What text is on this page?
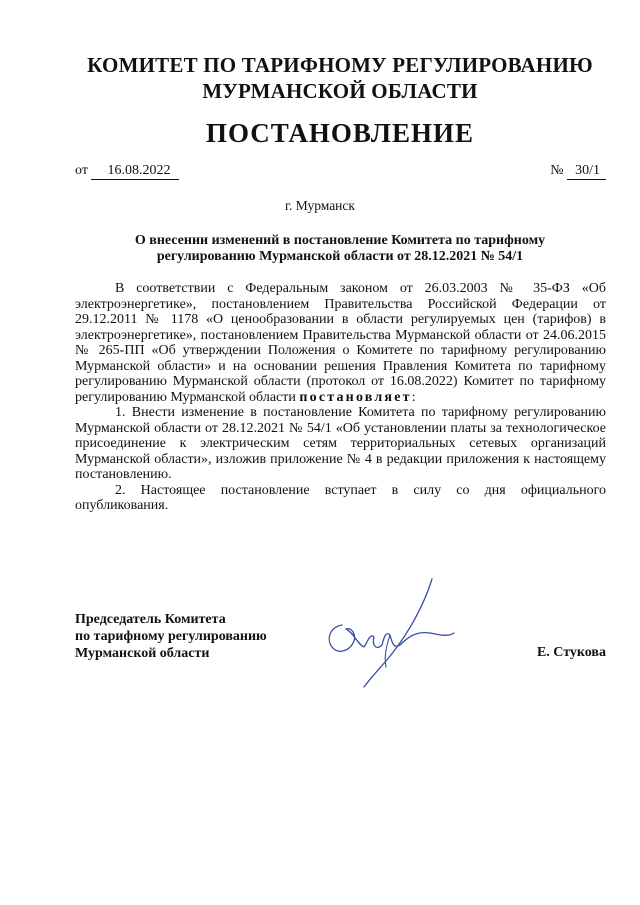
КОМИТЕТ ПО ТАРИФНОМУ РЕГУЛИРОВАНИЮ
МУРМАНСКОЙ ОБЛАСТИ
ПОСТАНОВЛЕНИЕ
от 16.08.2022	№ 30/1
г. Мурманск
О внесении изменений в постановление Комитета по тарифному
регулированию Мурманской области от 28.12.2021 № 54/1

В соответствии с Федеральным законом от 26.03.2003 № 35-ФЗ «Об электроэнергетике», постановлением Правительства Российской Федерации от 29.12.2011 № 1178 «О ценообразовании в области регулируемых цен (тарифов) в электроэнергетике», постановлением Правительства Мурманской области от 24.06.2015 № 265-ПП «Об утверждении Положения о Комитете по тарифному регулированию Мурманской области» и на основании решения Правления Комитета по тарифному регулированию Мурманской области (протокол от 16.08.2022) Комитет по тарифному регулированию Мурманской области постановляет:

1. Внести изменение в постановление Комитета по тарифному регулированию Мурманской области от 28.12.2021 № 54/1 «Об установлении платы за технологическое присоединение к электрическим сетям территориальных сетевых организаций Мурманской области», изложив приложение № 4 в редакции приложения к настоящему постановлению.

2. Настоящее постановление вступает в силу со дня официального опубликования.

Председатель Комитета
по тарифному регулированию
Мурманской области	Е. Стукова
